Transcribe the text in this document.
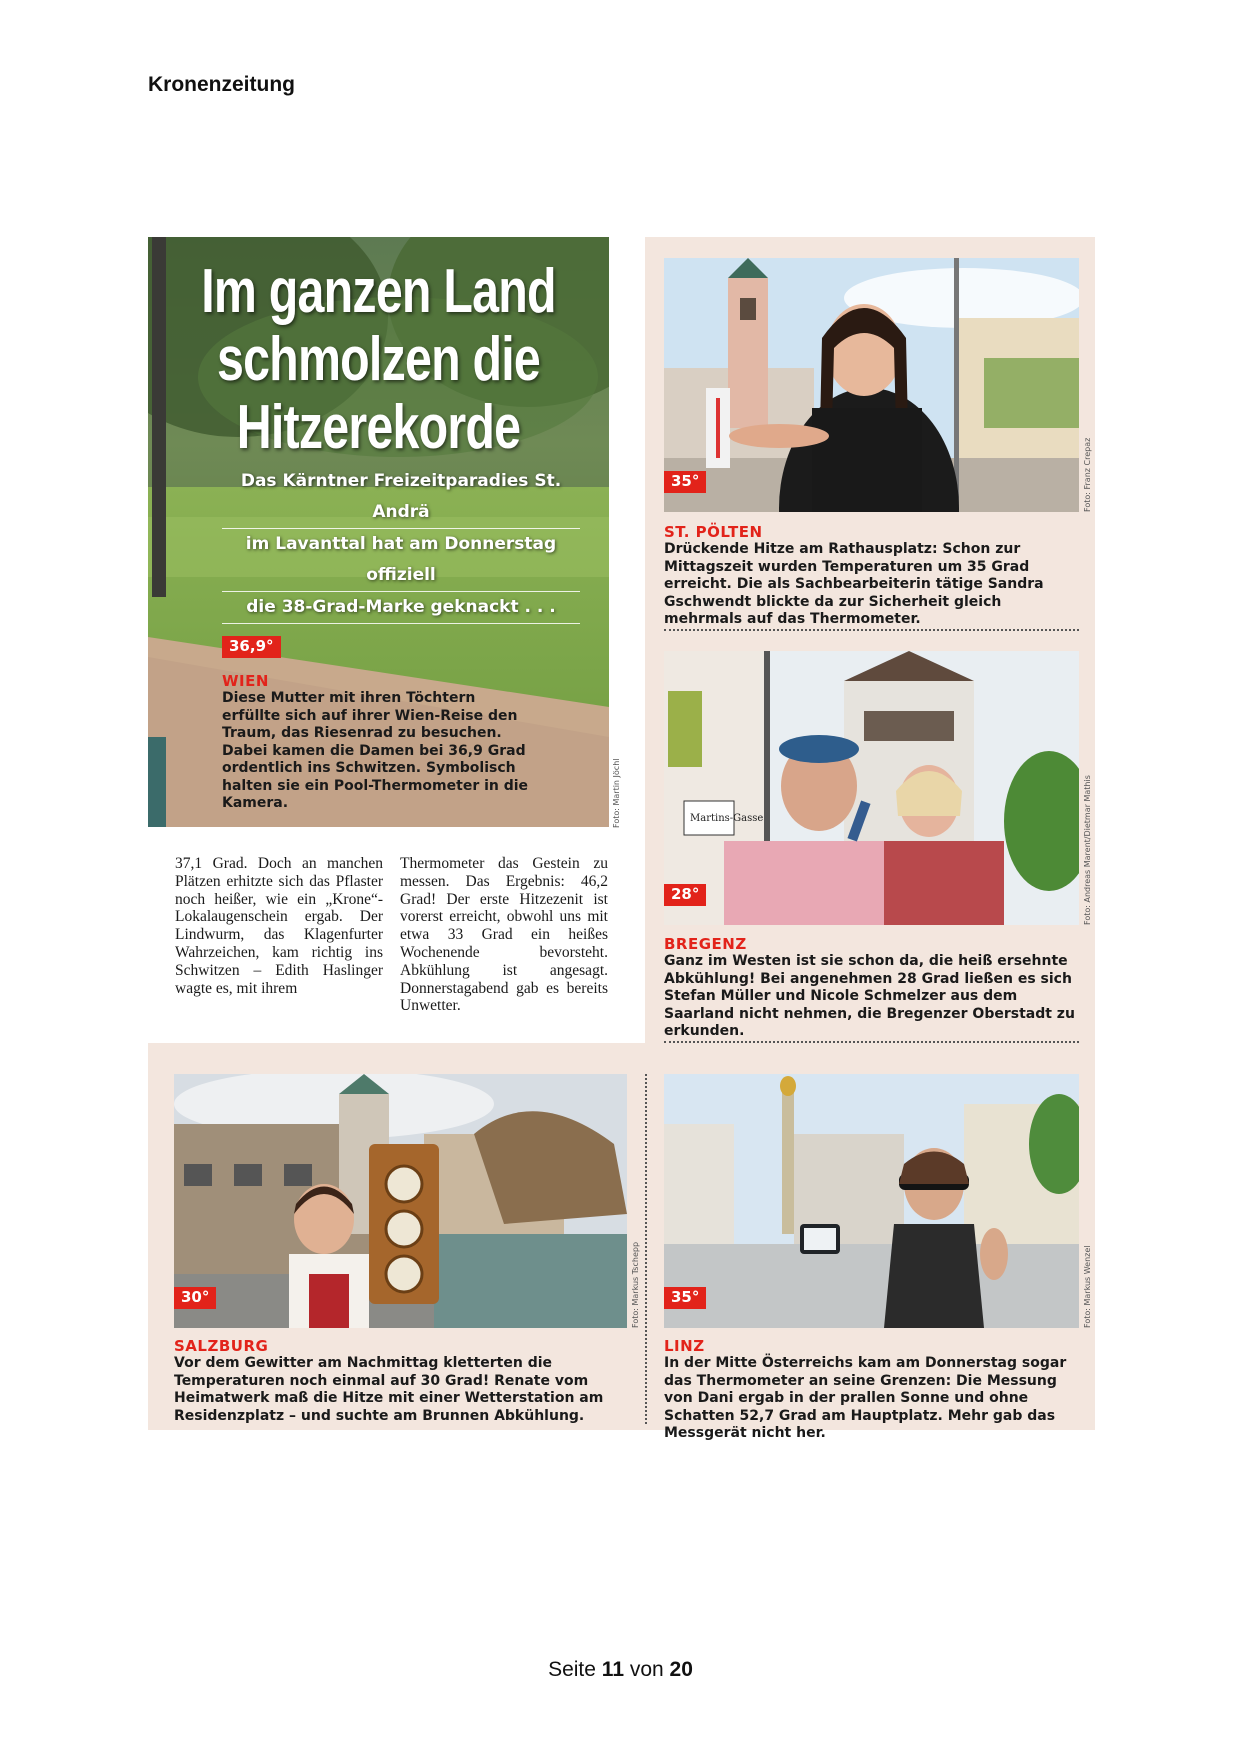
Kronenzeitung
Im ganzen Land
schmolzen die
Hitzerekorde
Das Kärntner Freizeitparadies St. Andrä
im Lavanttal hat am Donnerstag offiziell
die 38-Grad-Marke geknackt . . .
36,9°
WIEN
Diese Mutter mit ihren Töchtern erfüllte sich auf ihrer Wien-Reise den Traum, das Riesenrad zu besuchen. Dabei kamen die Damen bei 36,9 Grad ordentlich ins Schwitzen. Symbolisch halten sie ein Pool-Thermometer in die Kamera.	Foto: Martin Jöchl
37,1 Grad. Doch an manchen Plätzen erhitzte sich das Pflaster noch heißer, wie ein „Krone“-Lokalaugenschein ergab. Der Lindwurm, das Klagenfurter Wahrzeichen, kam richtig ins Schwitzen – Edith Haslinger wagte es, mit ihrem
Thermometer das Gestein zu messen. Das Ergebnis: 46,2 Grad! Der erste Hitzezenit ist vorerst erreicht, obwohl uns mit etwa 33 Grad ein heißes Wochenende bevorsteht. Abkühlung ist angesagt. Donnerstagabend gab es bereits Unwetter.
35°	Foto: Franz Crepaz
ST. PÖLTEN
Drückende Hitze am Rathausplatz: Schon zur Mittagszeit wurden Temperaturen um 35 Grad erreicht. Die als Sachbearbeiterin tätige Sandra Gschwendt blickte da zur Sicherheit gleich mehrmals auf das Thermometer.
Martins-Gasse
28°	Foto: Andreas Marent/Dietmar Mathis
BREGENZ
Ganz im Westen ist sie schon da, die heiß ersehnte Abkühlung! Bei angenehmen 28 Grad ließen es sich Stefan Müller und Nicole Schmelzer aus dem Saarland nicht nehmen, die Bregenzer Oberstadt zu erkunden.
30°	Foto: Markus Tschepp
SALZBURG
Vor dem Gewitter am Nachmittag kletterten die Temperaturen noch einmal auf 30 Grad! Renate vom Heimatwerk maß die Hitze mit einer Wetterstation am Residenzplatz – und suchte am Brunnen Abkühlung.
35°	Foto: Markus Wenzel
LINZ
In der Mitte Österreichs kam am Donnerstag sogar das Thermometer an seine Grenzen: Die Messung von Dani ergab in der prallen Sonne und ohne Schatten 52,7 Grad am Hauptplatz. Mehr gab das Messgerät nicht her.
Seite 11 von 20
